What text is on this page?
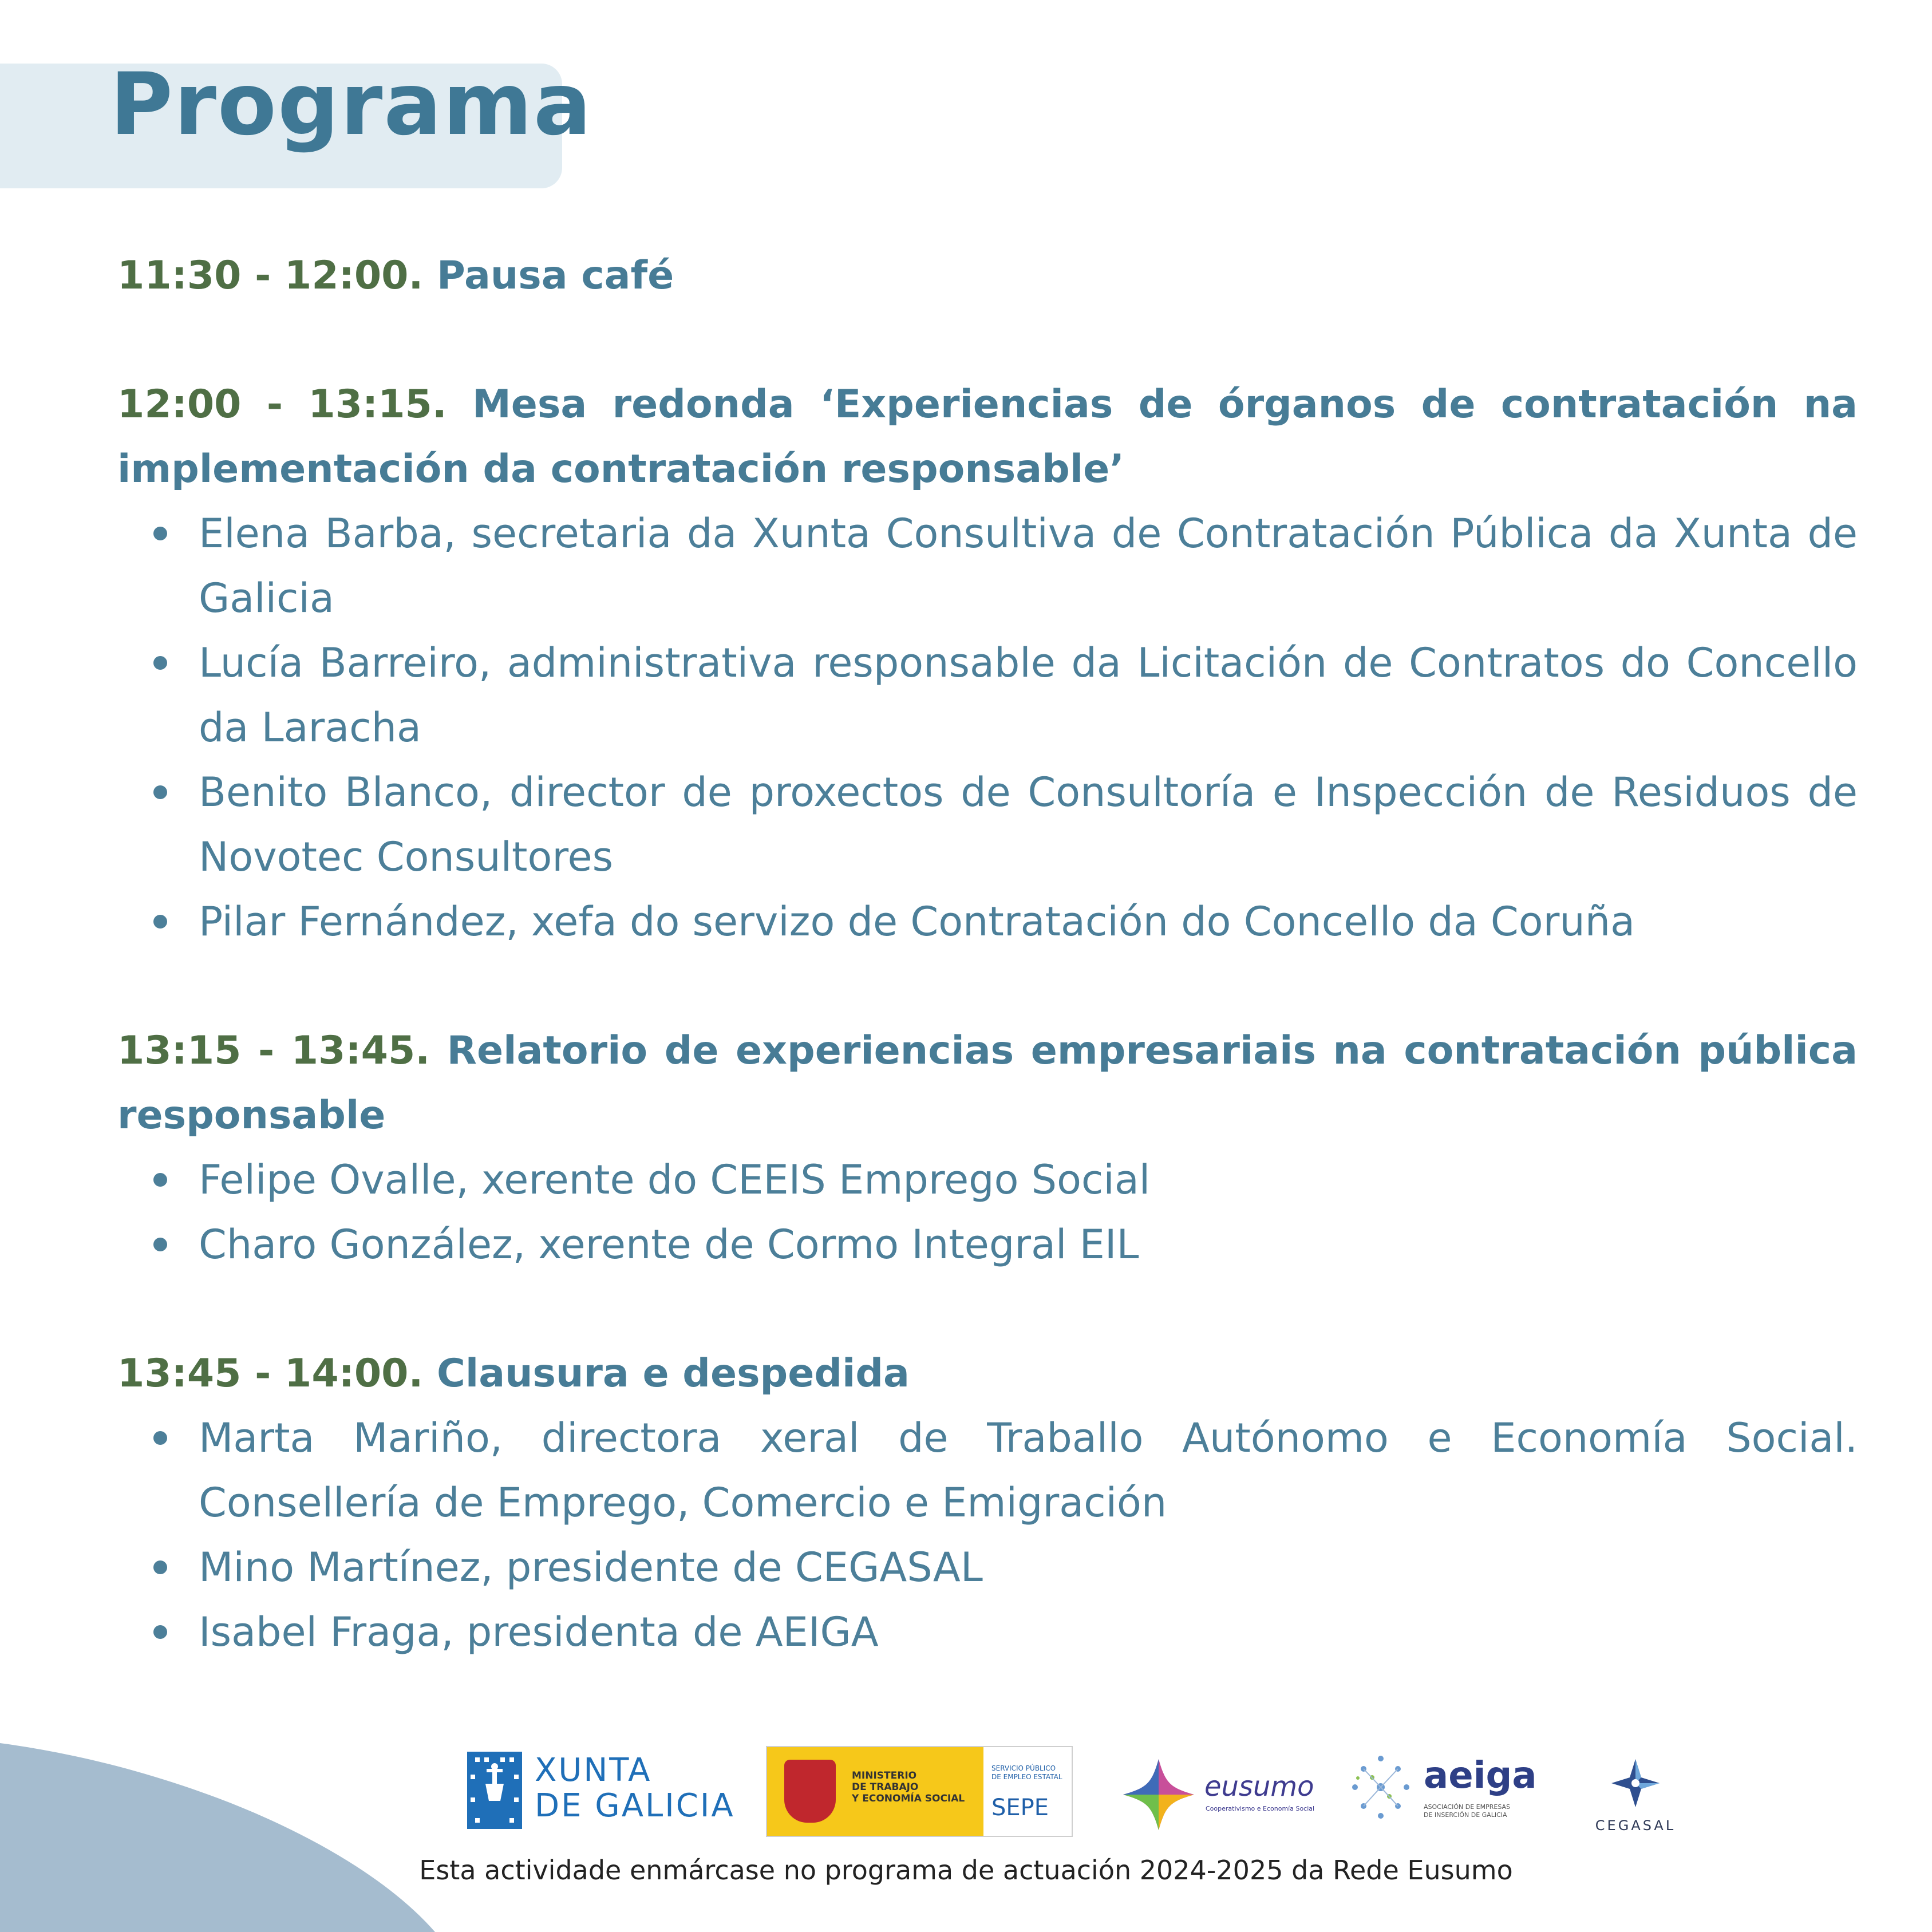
Programa
11:30 - 12:00. Pausa café
12:00 - 13:15. Mesa redonda ‘Experiencias de órganos de contratación na implementación da contratación responsable’
Elena Barba, secretaria da Xunta Consultiva de Contratación Pública da Xunta de Galicia
Lucía Barreiro, administrativa responsable da Licitación de Contratos do Concello da Laracha
Benito Blanco, director de proxectos de Consultoría e Inspección de Residuos de Novotec Consultores
Pilar Fernández, xefa do servizo de Contratación do Concello da Coruña
13:15 - 13:45. Relatorio de experiencias empresariais na contratación pública responsable
Felipe Ovalle, xerente do CEEIS Emprego Social
Charo González, xerente de Cormo Integral EIL
13:45 - 14:00. Clausura e despedida
Marta Mariño, directora xeral de Traballo Autónomo e Economía Social. Consellería de Emprego, Comercio e Emigración
Mino Martínez, presidente de CEGASAL
Isabel Fraga, presidenta de AEIGA
XUNTA
DE GALICIA
MINISTERIO
DE TRABAJO
Y ECONOMÍA SOCIAL
SERVICIO PÚBLICO
DE EMPLEO ESTATAL
SEPE
eusumo
Cooperativismo e Economía Social
aeiga
ASOCIACIÓN DE EMPRESAS
DE INSERCIÓN DE GALICIA
CEGASAL
Esta actividade enmárcase no programa de actuación 2024-2025 da Rede Eusumo
